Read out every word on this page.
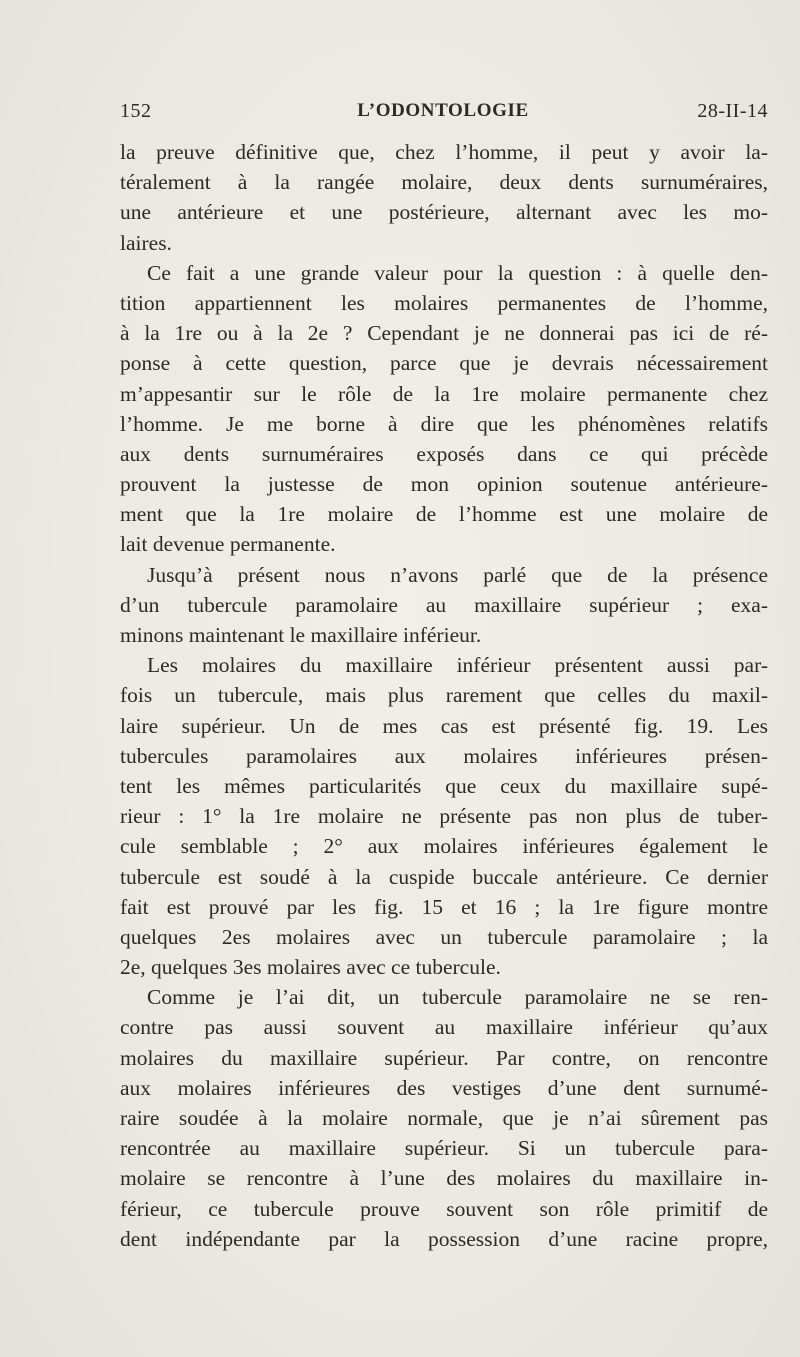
152	L’ODONTOLOGIE	28-II-14
la preuve définitive que, chez l’homme, il peut y avoir la-
téralement à la rangée molaire, deux dents surnuméraires,
une antérieure et une postérieure, alternant avec les mo-
laires.
Ce fait a une grande valeur pour la question : à quelle den-
tition appartiennent les molaires permanentes de l’homme,
à la 1re ou à la 2e ? Cependant je ne donnerai pas ici de ré-
ponse à cette question, parce que je devrais nécessairement
m’appesantir sur le rôle de la 1re molaire permanente chez
l’homme. Je me borne à dire que les phénomènes relatifs
aux dents surnuméraires exposés dans ce qui précède
prouvent la justesse de mon opinion soutenue antérieure-
ment que la 1re molaire de l’homme est une molaire de
lait devenue permanente.
Jusqu’à présent nous n’avons parlé que de la présence
d’un tubercule paramolaire au maxillaire supérieur ; exa-
minons maintenant le maxillaire inférieur.
Les molaires du maxillaire inférieur présentent aussi par-
fois un tubercule, mais plus rarement que celles du maxil-
laire supérieur. Un de mes cas est présenté fig. 19. Les
tubercules paramolaires aux molaires inférieures présen-
tent les mêmes particularités que ceux du maxillaire supé-
rieur : 1° la 1re molaire ne présente pas non plus de tuber-
cule semblable ; 2° aux molaires inférieures également le
tubercule est soudé à la cuspide buccale antérieure. Ce dernier
fait est prouvé par les fig. 15 et 16 ; la 1re figure montre
quelques 2es molaires avec un tubercule paramolaire ; la
2e, quelques 3es molaires avec ce tubercule.
Comme je l’ai dit, un tubercule paramolaire ne se ren-
contre pas aussi souvent au maxillaire inférieur qu’aux
molaires du maxillaire supérieur. Par contre, on rencontre
aux molaires inférieures des vestiges d’une dent surnumé-
raire soudée à la molaire normale, que je n’ai sûrement pas
rencontrée au maxillaire supérieur. Si un tubercule para-
molaire se rencontre à l’une des molaires du maxillaire in-
férieur, ce tubercule prouve souvent son rôle primitif de
dent indépendante par la possession d’une racine propre,
